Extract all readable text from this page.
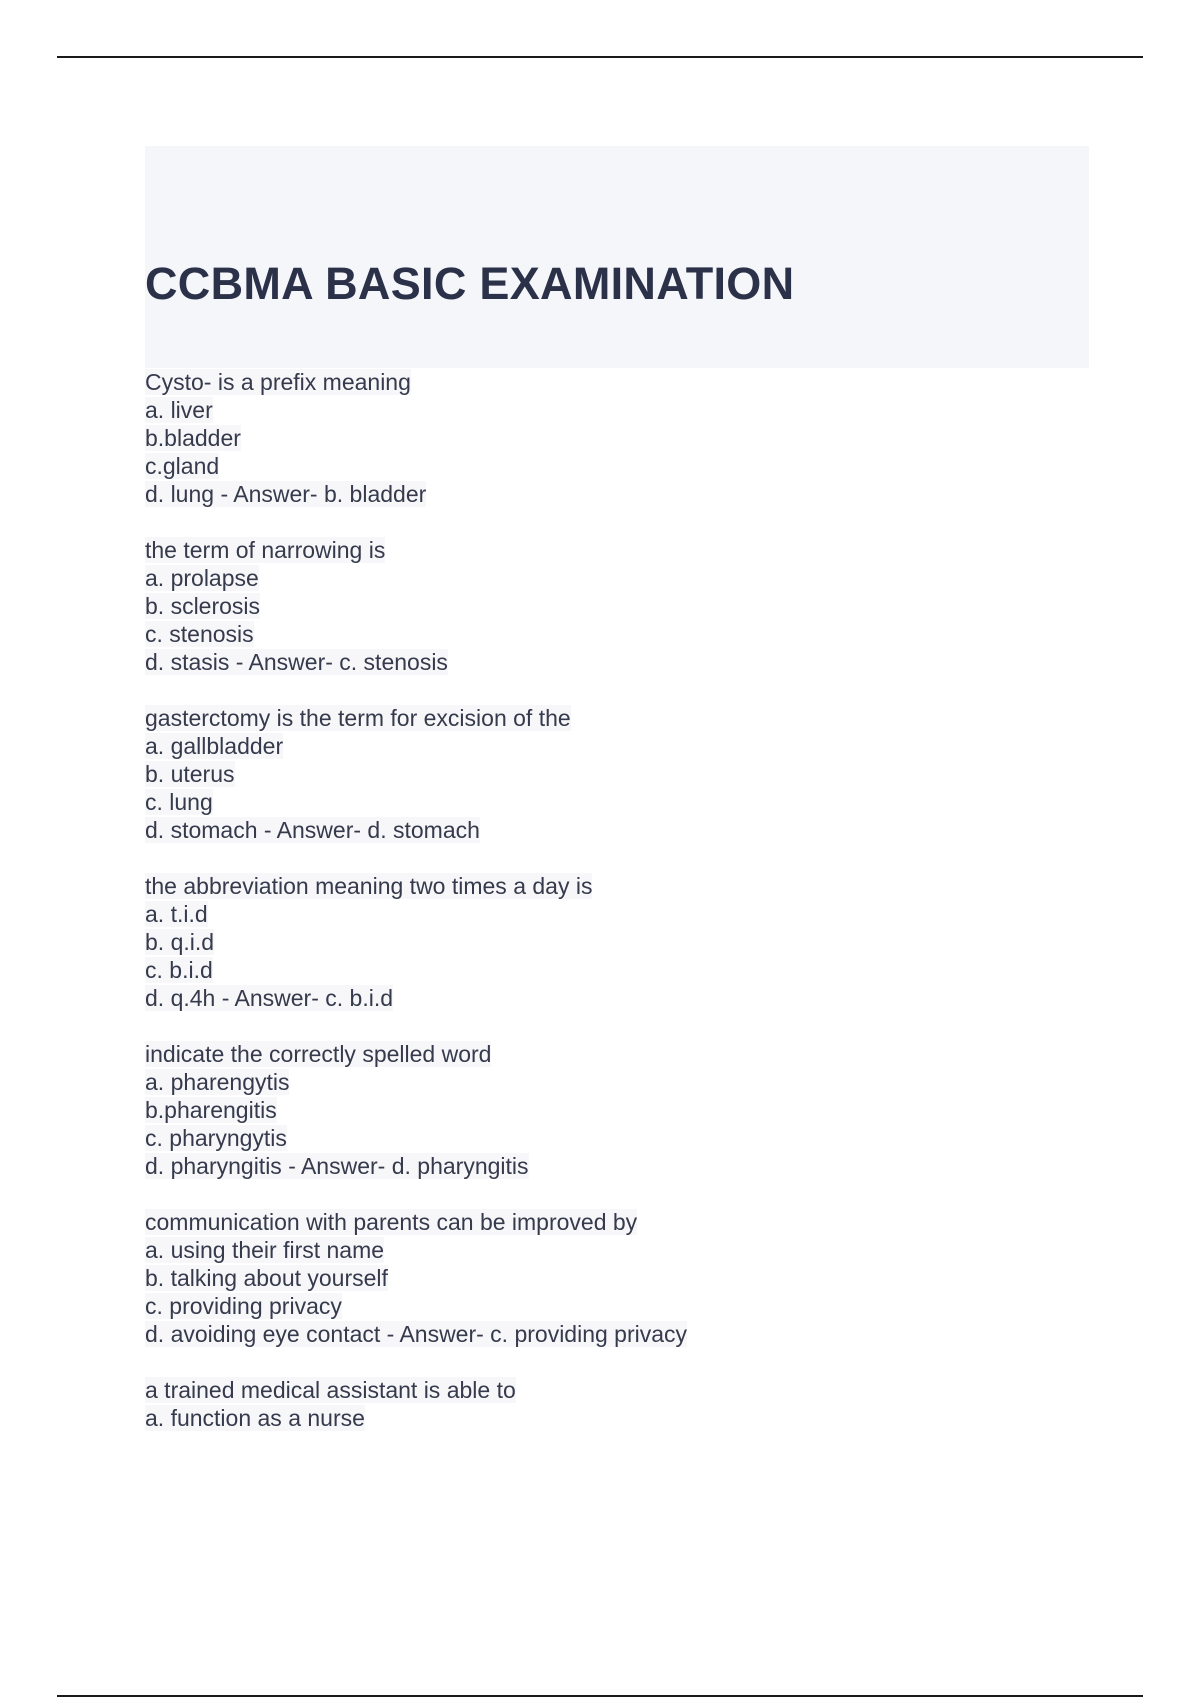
CCBMA BASIC EXAMINATION
Cysto- is a prefix meaning
a. liver
b.bladder
c.gland
d. lung - Answer- b. bladder
the term of narrowing is
a. prolapse
b. sclerosis
c. stenosis
d. stasis - Answer- c. stenosis
gasterctomy is the term for excision of the
a. gallbladder
b. uterus
c. lung
d. stomach - Answer- d. stomach
the abbreviation meaning two times a day is
a. t.i.d
b. q.i.d
c. b.i.d
d. q.4h - Answer- c. b.i.d
indicate the correctly spelled word
a. pharengytis
b.pharengitis
c. pharyngytis
d. pharyngitis - Answer- d. pharyngitis
communication with parents can be improved by
a. using their first name
b. talking about yourself
c. providing privacy
d. avoiding eye contact - Answer- c. providing privacy
a trained medical assistant is able to
a. function as a nurse
